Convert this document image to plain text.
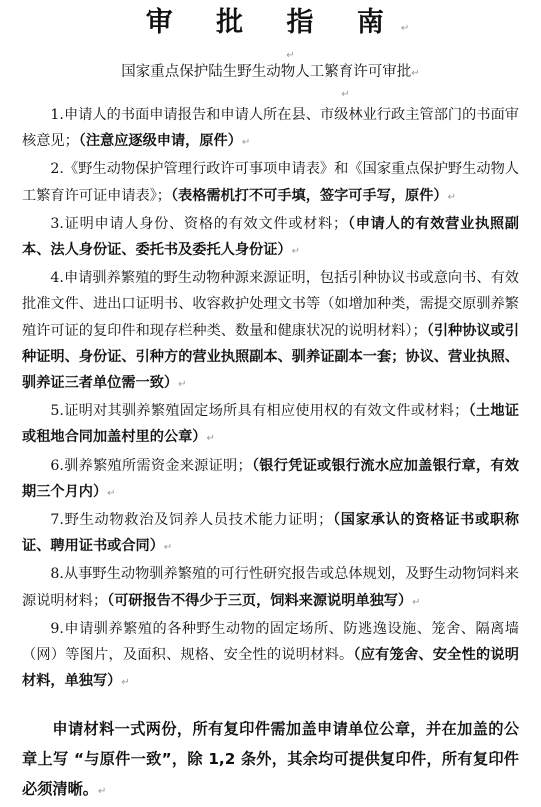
审 批 指 南↵
↵
国家重点保护陆生野生动物人工繁育许可审批↵
↵

1.申请人的书面申请报告和申请人所在县、市级林业行政主管部门的书面审核意见；（注意应逐级申请，原件）↵

2.《野生动物保护管理行政许可事项申请表》和《国家重点保护野生动物人工繁育许可证申请表》；（表格需机打不可手填，签字可手写，原件）↵

3.证明申请人身份、资格的有效文件或材料；（申请人的有效营业执照副本、法人身份证、委托书及委托人身份证）↵

4.申请驯养繁殖的野生动物种源来源证明，包括引种协议书或意向书、有效批准文件、进出口证明书、收容救护处理文书等（如增加种类，需提交原驯养繁殖许可证的复印件和现存栏种类、数量和健康状况的说明材料）；（引种协议或引种证明、身份证、引种方的营业执照副本、驯养证副本一套；协议、营业执照、驯养证三者单位需一致）↵

5.证明对其驯养繁殖固定场所具有相应使用权的有效文件或材料；（土地证或租地合同加盖村里的公章）↵

6.驯养繁殖所需资金来源证明；（银行凭证或银行流水应加盖银行章，有效期三个月内）↵

7.野生动物救治及饲养人员技术能力证明；（国家承认的资格证书或职称证、聘用证书或合同）↵

8.从事野生动物驯养繁殖的可行性研究报告或总体规划，及野生动物饲料来源说明材料；（可研报告不得少于三页，饲料来源说明单独写）↵

9.申请驯养繁殖的各种野生动物的固定场所、防逃逸设施、笼舍、隔离墙（网）等图片，及面积、规格、安全性的说明材料。（应有笼舍、安全性的说明材料，单独写）↵

申请材料一式两份，所有复印件需加盖申请单位公章，并在加盖的公章上写 “与原件一致”，除 1,2 条外，其余均可提供复印件，所有复印件必须清晰。↵
